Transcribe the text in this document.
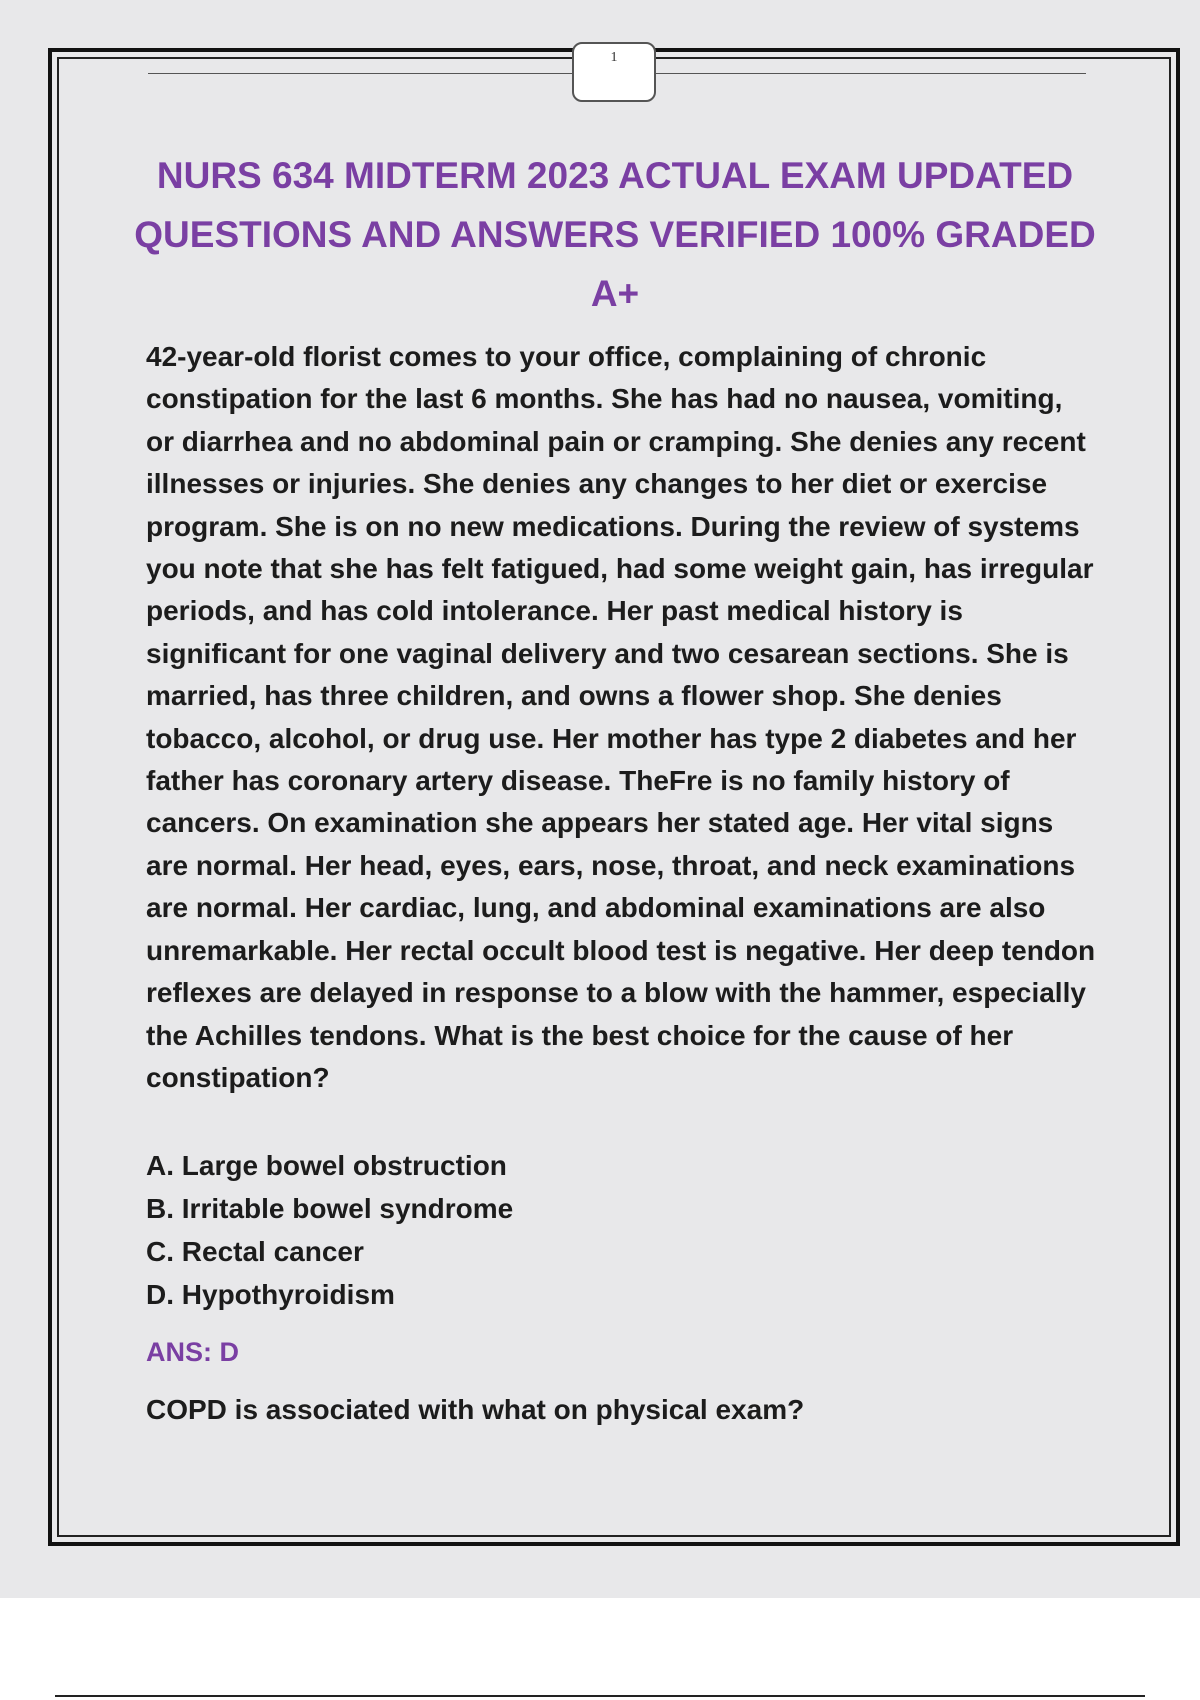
1
NURS 634 MIDTERM 2023 ACTUAL EXAM UPDATED QUESTIONS AND ANSWERS VERIFIED 100% GRADED A+

42-year-old florist comes to your office, complaining of chronic constipation for the last 6 months. She has had no nausea, vomiting, or diarrhea and no abdominal pain or cramping. She denies any recent illnesses or injuries. She denies any changes to her diet or exercise program. She is on no new medications. During the review of systems you note that she has felt fatigued, had some weight gain, has irregular periods, and has cold intolerance. Her past medical history is significant for one vaginal delivery and two cesarean sections. She is married, has three children, and owns a flower shop. She denies tobacco, alcohol, or drug use. Her mother has type 2 diabetes and her father has coronary artery disease. TheFre is no family history of cancers. On examination she appears her stated age. Her vital signs are normal. Her head, eyes, ears, nose, throat, and neck examinations are normal. Her cardiac, lung, and abdominal examinations are also unremarkable. Her rectal occult blood test is negative. Her deep tendon reflexes are delayed in response to a blow with the hammer, especially the Achilles tendons. What is the best choice for the cause of her constipation?

A. Large bowel obstruction
B. Irritable bowel syndrome
C. Rectal cancer
D. Hypothyroidism

ANS: D

COPD is associated with what on physical exam?
